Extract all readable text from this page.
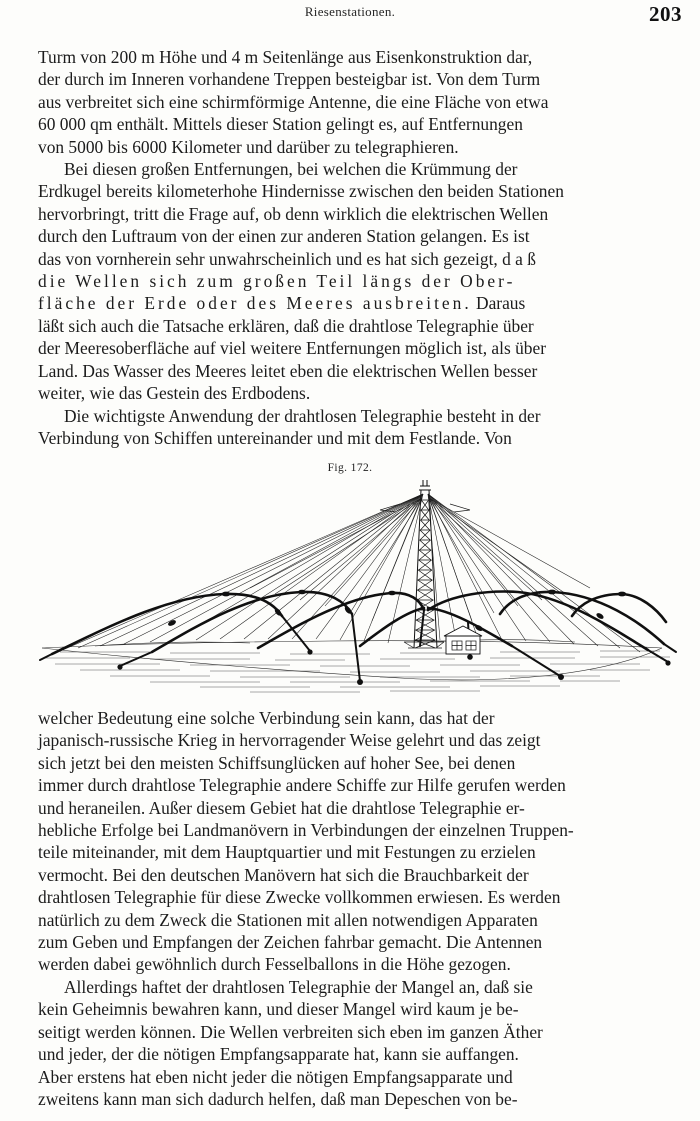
Riesenstationen.	203

Turm von 200 m Höhe und 4 m Seitenlänge aus Eisenkonstruktion dar,
der durch im Inneren vorhandene Treppen besteigbar ist. Von dem Turm
aus verbreitet sich eine schirmförmige Antenne, die eine Fläche von etwa
60 000 qm enthält. Mittels dieser Station gelingt es, auf Entfernungen
von 5000 bis 6000 Kilometer und darüber zu telegraphieren.

Bei diesen großen Entfernungen, bei welchen die Krümmung der
Erdkugel bereits kilometerhohe Hindernisse zwischen den beiden Stationen
hervorbringt, tritt die Frage auf, ob denn wirklich die elektrischen Wellen
durch den Luftraum von der einen zur anderen Station gelangen. Es ist
das von vornherein sehr unwahrscheinlich und es hat sich gezeigt, d a ß
die Wellen sich zum großen Teil längs der Ober-
fläche der Erde oder des Meeres ausbreiten. Daraus
läßt sich auch die Tatsache erklären, daß die drahtlose Telegraphie über
der Meeresoberfläche auf viel weitere Entfernungen möglich ist, als über
Land. Das Wasser des Meeres leitet eben die elektrischen Wellen besser
weiter, wie das Gestein des Erdbodens.

Die wichtigste Anwendung der drahtlosen Telegraphie besteht in der
Verbindung von Schiffen untereinander und mit dem Festlande. Von

Fig. 172.

welcher Bedeutung eine solche Verbindung sein kann, das hat der
japanisch-russische Krieg in hervorragender Weise gelehrt und das zeigt
sich jetzt bei den meisten Schiffsunglücken auf hoher See, bei denen
immer durch drahtlose Telegraphie andere Schiffe zur Hilfe gerufen werden
und heraneilen. Außer diesem Gebiet hat die drahtlose Telegraphie er-
hebliche Erfolge bei Landmanövern in Verbindungen der einzelnen Truppen-
teile miteinander, mit dem Hauptquartier und mit Festungen zu erzielen
vermocht. Bei den deutschen Manövern hat sich die Brauchbarkeit der
drahtlosen Telegraphie für diese Zwecke vollkommen erwiesen. Es werden
natürlich zu dem Zweck die Stationen mit allen notwendigen Apparaten
zum Geben und Empfangen der Zeichen fahrbar gemacht. Die Antennen
werden dabei gewöhnlich durch Fesselballons in die Höhe gezogen.

Allerdings haftet der drahtlosen Telegraphie der Mangel an, daß sie
kein Geheimnis bewahren kann, und dieser Mangel wird kaum je be-
seitigt werden können. Die Wellen verbreiten sich eben im ganzen Äther
und jeder, der die nötigen Empfangsapparate hat, kann sie auffangen.
Aber erstens hat eben nicht jeder die nötigen Empfangsapparate und
zweitens kann man sich dadurch helfen, daß man Depeschen von be-
